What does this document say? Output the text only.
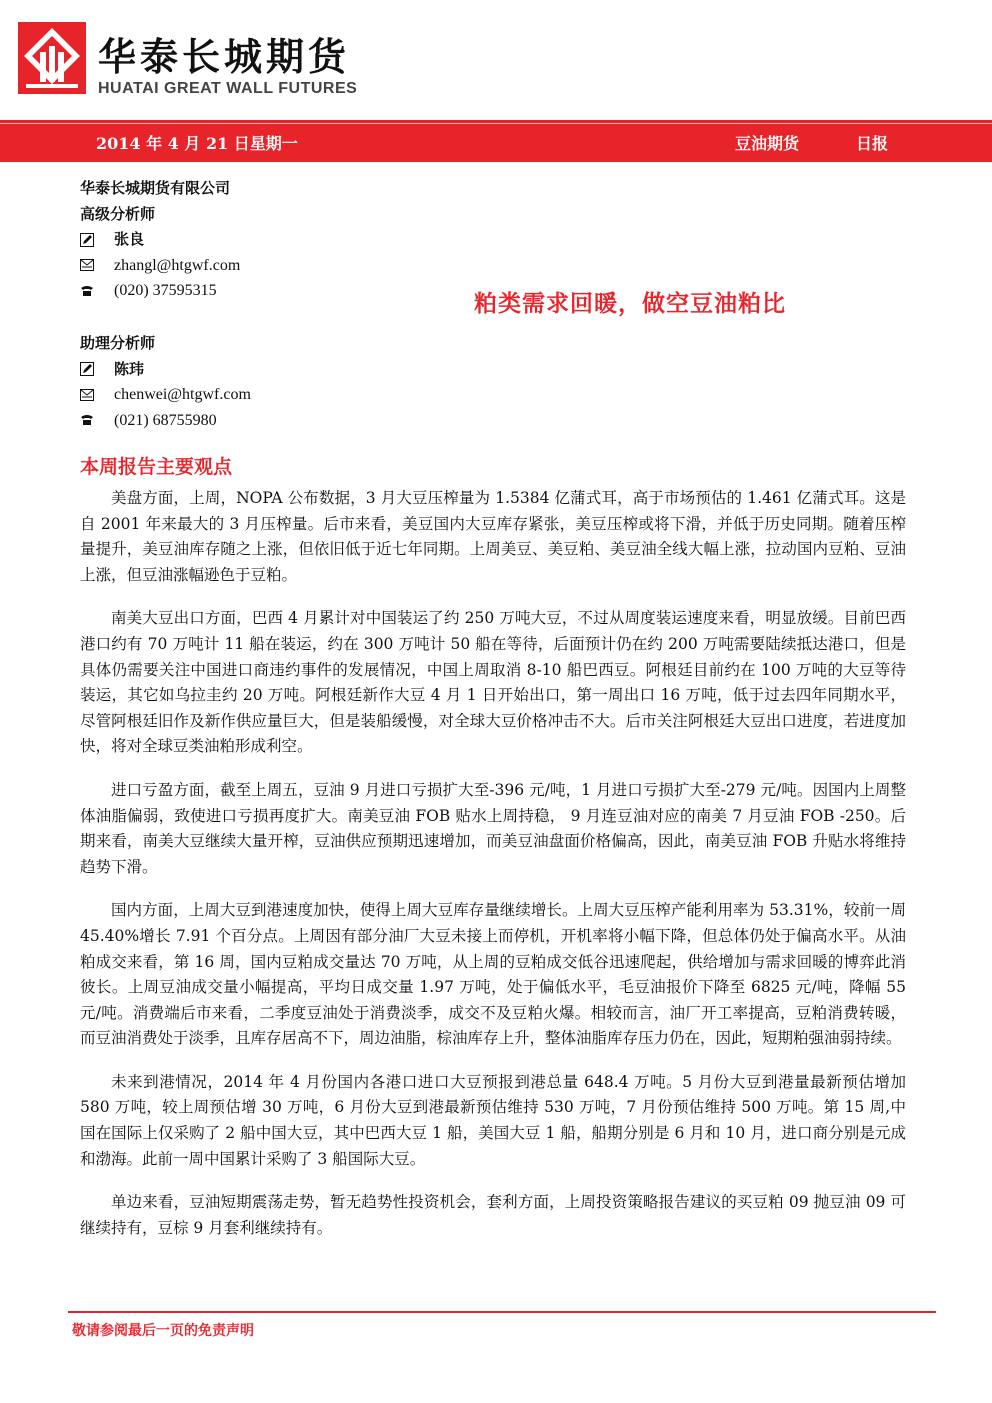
华泰长城期货
HUATAI GREAT WALL FUTURES
2014 年 4 月 21 日星期一	豆油期货	日报
华泰长城期货有限公司
高级分析师
张良
zhangl@htgwf.com
(020) 37595315	粕类需求回暖，做空豆油粕比
助理分析师
陈玮
chenwei@htgwf.com
(021) 68755980
本周报告主要观点

美盘方面，上周，NOPA 公布数据，3 月大豆压榨量为 1.5384 亿蒲式耳，高于市场预估的 1.461 亿蒲式耳。这是自 2001 年来最大的 3 月压榨量。后市来看，美豆国内大豆库存紧张，美豆压榨或将下滑，并低于历史同期。随着压榨量提升，美豆油库存随之上涨，但依旧低于近七年同期。上周美豆、美豆粕、美豆油全线大幅上涨，拉动国内豆粕、豆油上涨，但豆油涨幅逊色于豆粕。

南美大豆出口方面，巴西 4 月累计对中国装运了约 250 万吨大豆，不过从周度装运速度来看，明显放缓。目前巴西港口约有 70 万吨计 11 船在装运，约在 300 万吨计 50 船在等待，后面预计仍在约 200 万吨需要陆续抵达港口，但是具体仍需要关注中国进口商违约事件的发展情况，中国上周取消 8-10 船巴西豆。阿根廷目前约在 100 万吨的大豆等待装运，其它如乌拉圭约 20 万吨。阿根廷新作大豆 4 月 1 日开始出口，第一周出口 16 万吨，低于过去四年同期水平，尽管阿根廷旧作及新作供应量巨大，但是装船缓慢，对全球大豆价格冲击不大。后市关注阿根廷大豆出口进度，若进度加快，将对全球豆类油粕形成利空。

进口亏盈方面，截至上周五，豆油 9 月进口亏损扩大至-396 元/吨，1 月进口亏损扩大至-279 元/吨。因国内上周整体油脂偏弱，致使进口亏损再度扩大。南美豆油 FOB 贴水上周持稳， 9 月连豆油对应的南美 7 月豆油 FOB -250。后期来看，南美大豆继续大量开榨，豆油供应预期迅速增加，而美豆油盘面价格偏高，因此，南美豆油 FOB 升贴水将维持趋势下滑。

国内方面，上周大豆到港速度加快，使得上周大豆库存量继续增长。上周大豆压榨产能利用率为 53.31%，较前一周 45.40%增长 7.91 个百分点。上周因有部分油厂大豆未接上而停机，开机率将小幅下降，但总体仍处于偏高水平。从油粕成交来看，第 16 周，国内豆粕成交量达 70 万吨，从上周的豆粕成交低谷迅速爬起，供给增加与需求回暖的博弈此消彼长。上周豆油成交量小幅提高，平均日成交量 1.97 万吨，处于偏低水平，毛豆油报价下降至 6825 元/吨，降幅 55 元/吨。消费端后市来看，二季度豆油处于消费淡季，成交不及豆粕火爆。相较而言，油厂开工率提高，豆粕消费转暖，而豆油消费处于淡季，且库存居高不下，周边油脂，棕油库存上升，整体油脂库存压力仍在，因此，短期粕强油弱持续。

未来到港情况，2014 年 4 月份国内各港口进口大豆预报到港总量 648.4 万吨。5 月份大豆到港量最新预估增加 580 万吨，较上周预估增 30 万吨，6 月份大豆到港最新预估维持 530 万吨，7 月份预估维持 500 万吨。第 15 周,中国在国际上仅采购了 2 船中国大豆，其中巴西大豆 1 船，美国大豆 1 船，船期分别是 6 月和 10 月，进口商分别是元成和渤海。此前一周中国累计采购了 3 船国际大豆。

单边来看，豆油短期震荡走势，暂无趋势性投资机会，套利方面，上周投资策略报告建议的买豆粕 09 抛豆油 09 可继续持有，豆棕 9 月套利继续持有。

敬请参阅最后一页的免责声明
